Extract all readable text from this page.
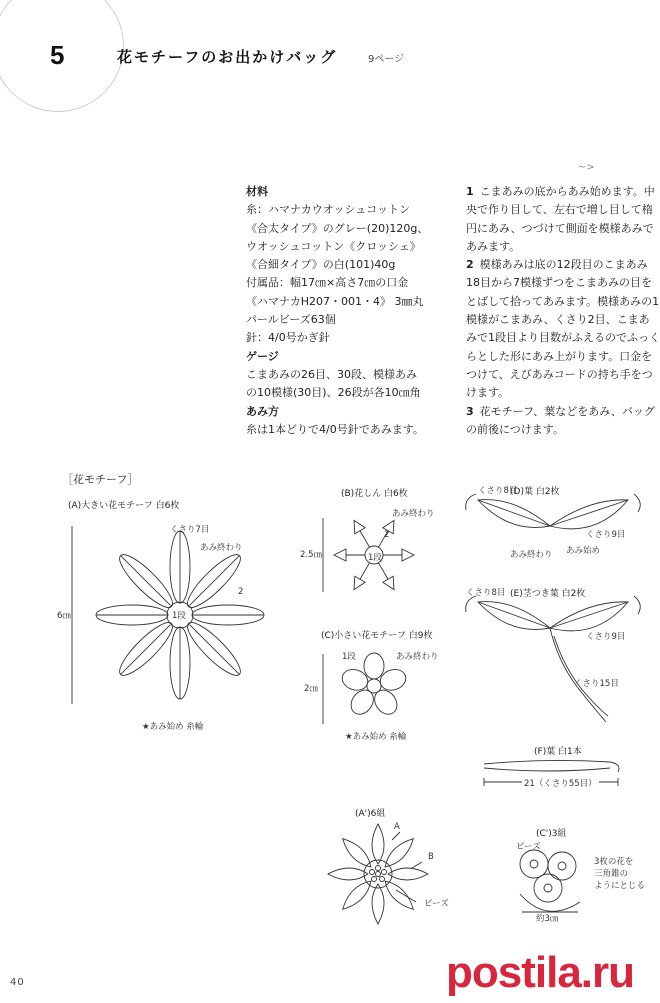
5	花モチーフのお出かけバッグ	9ページ
~>
材料
糸：ハマナカウオッシュコットン
《合太タイプ》のグレー(20)120g、
ウオッシュコットン《クロッシェ》
《合細タイプ》の白(101)40g
付属品：幅17㎝×高さ7㎝の口金
《ハマナカH207・001・4》 3㎜丸
パールビーズ63個
針：4/0号かぎ針
ゲージ
こまあみの26目、30段、模様あみ
の10模様(30目)、26段が各10㎝角
あみ方
糸は1本どりで4/0号針であみます。

1 こまあみの底からあみ始めます。中央で作り目して、左右で増し目して楕円にあみ、つづけて側面を模様あみであみます。

2 模様あみは底の12段目のこまあみ18目から7模様ずつをこまあみの目をとばして拾ってあみます。模様あみの1模様がこまあみ、くさり2目、こまあみで1段目より目数がふえるのでふっくらとした形にあみ上がります。口金をつけて、えびあみコードの持ち手をつけます。

3 花モチーフ、葉などをあみ、バッグの前後につけます。

［花モチーフ］
(A)大きい花モチーフ 白6枚
くさり7目
あみ終わり
1段
2
6㎝
★あみ始め 糸輪
(B)花しん 白6枚
あみ終わり
1段
2
2.5㎝
(C)小さい花モチーフ 白9枚
1段	あみ終わり
2㎝
★あみ始め 糸輪
(D)葉 白2枚
くさり8目
くさり9目
あみ終わり あみ始め
(E)茎つき葉 白2枚
くさり8目
くさり9目
くさり15目
(F)葉 白1本
21（くさり55目）
(A')6組
A
B
ビーズ
(C')3組
ビーズ
3枚の花を
三角錐の
ようにとじる
約3㎝
40	postila.ru
